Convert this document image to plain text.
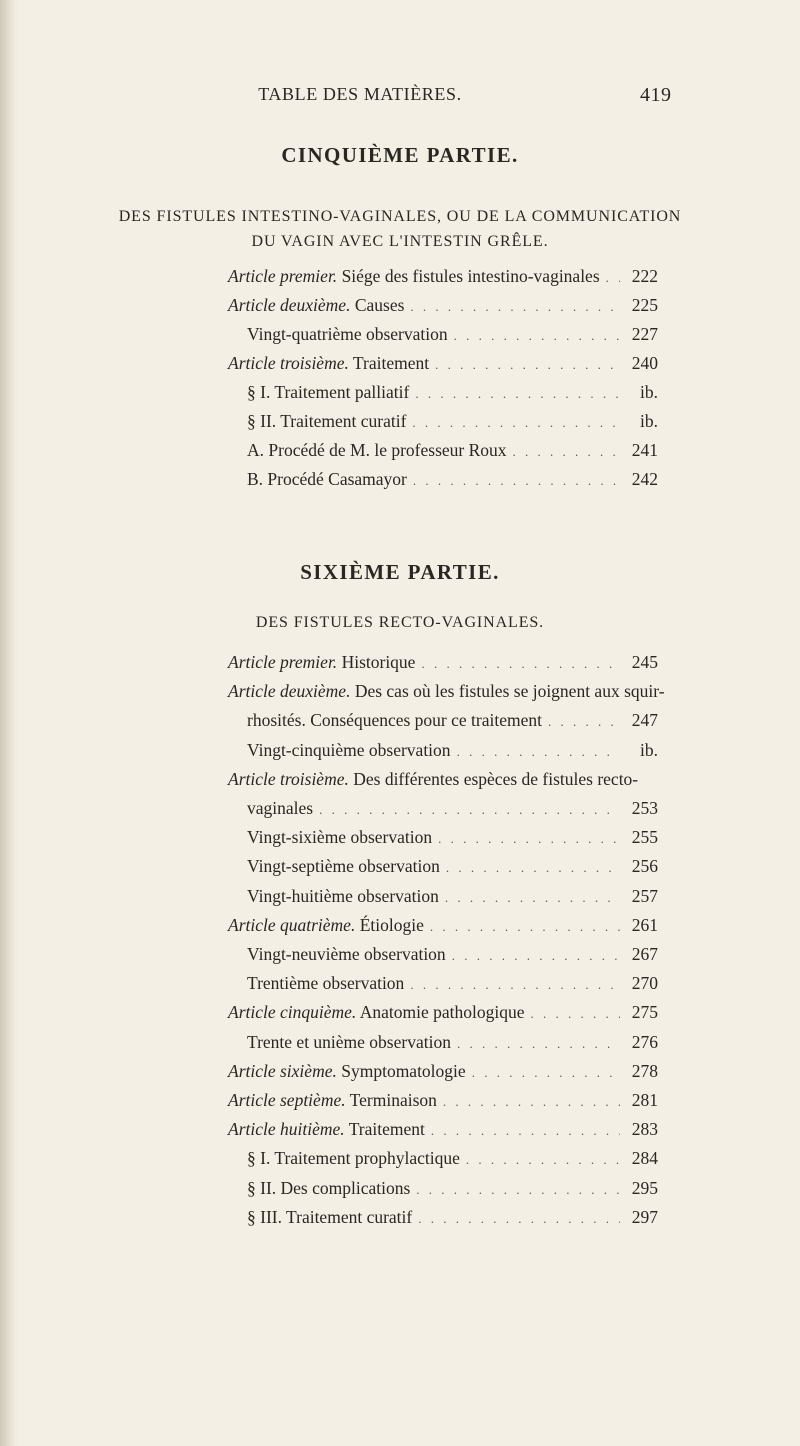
TABLE DES MATIÈRES.	419
CINQUIÈME PARTIE.
DES FISTULES INTESTINO-VAGINALES, OU DE LA COMMUNICATION
DU VAGIN AVEC L'INTESTIN GRÊLE.
Article premier. Siége des fistules intestino-vaginales . . .	222
Article deuxième. Causes . . .	225
Vingt-quatrième observation . . .	227
Article troisième. Traitement . . .	240
§ I. Traitement palliatif . . .	ib.
§ II. Traitement curatif . . .	ib.
A. Procédé de M. le professeur Roux . . .	241
B. Procédé Casamayor . . .	242
SIXIÈME PARTIE.
DES FISTULES RECTO-VAGINALES.
Article premier. Historique . . .	245
Article deuxième. Des cas où les fistules se joignent aux squir-
rhosités. Conséquences pour ce traitement . . .	247
Vingt-cinquième observation . . .	ib.
Article troisième. Des différentes espèces de fistules recto-
vaginales . . .	253
Vingt-sixième observation . . .	255
Vingt-septième observation . . .	256
Vingt-huitième observation . . .	257
Article quatrième. Étiologie . . .	261
Vingt-neuvième observation . . .	267
Trentième observation . . .	270
Article cinquième. Anatomie pathologique . . .	275
Trente et unième observation . . .	276
Article sixième. Symptomatologie . . .	278
Article septième. Terminaison . . .	281
Article huitième. Traitement . . .	283
§ I. Traitement prophylactique . . .	284
§ II. Des complications . . .	295
§ III. Traitement curatif . . .	297
